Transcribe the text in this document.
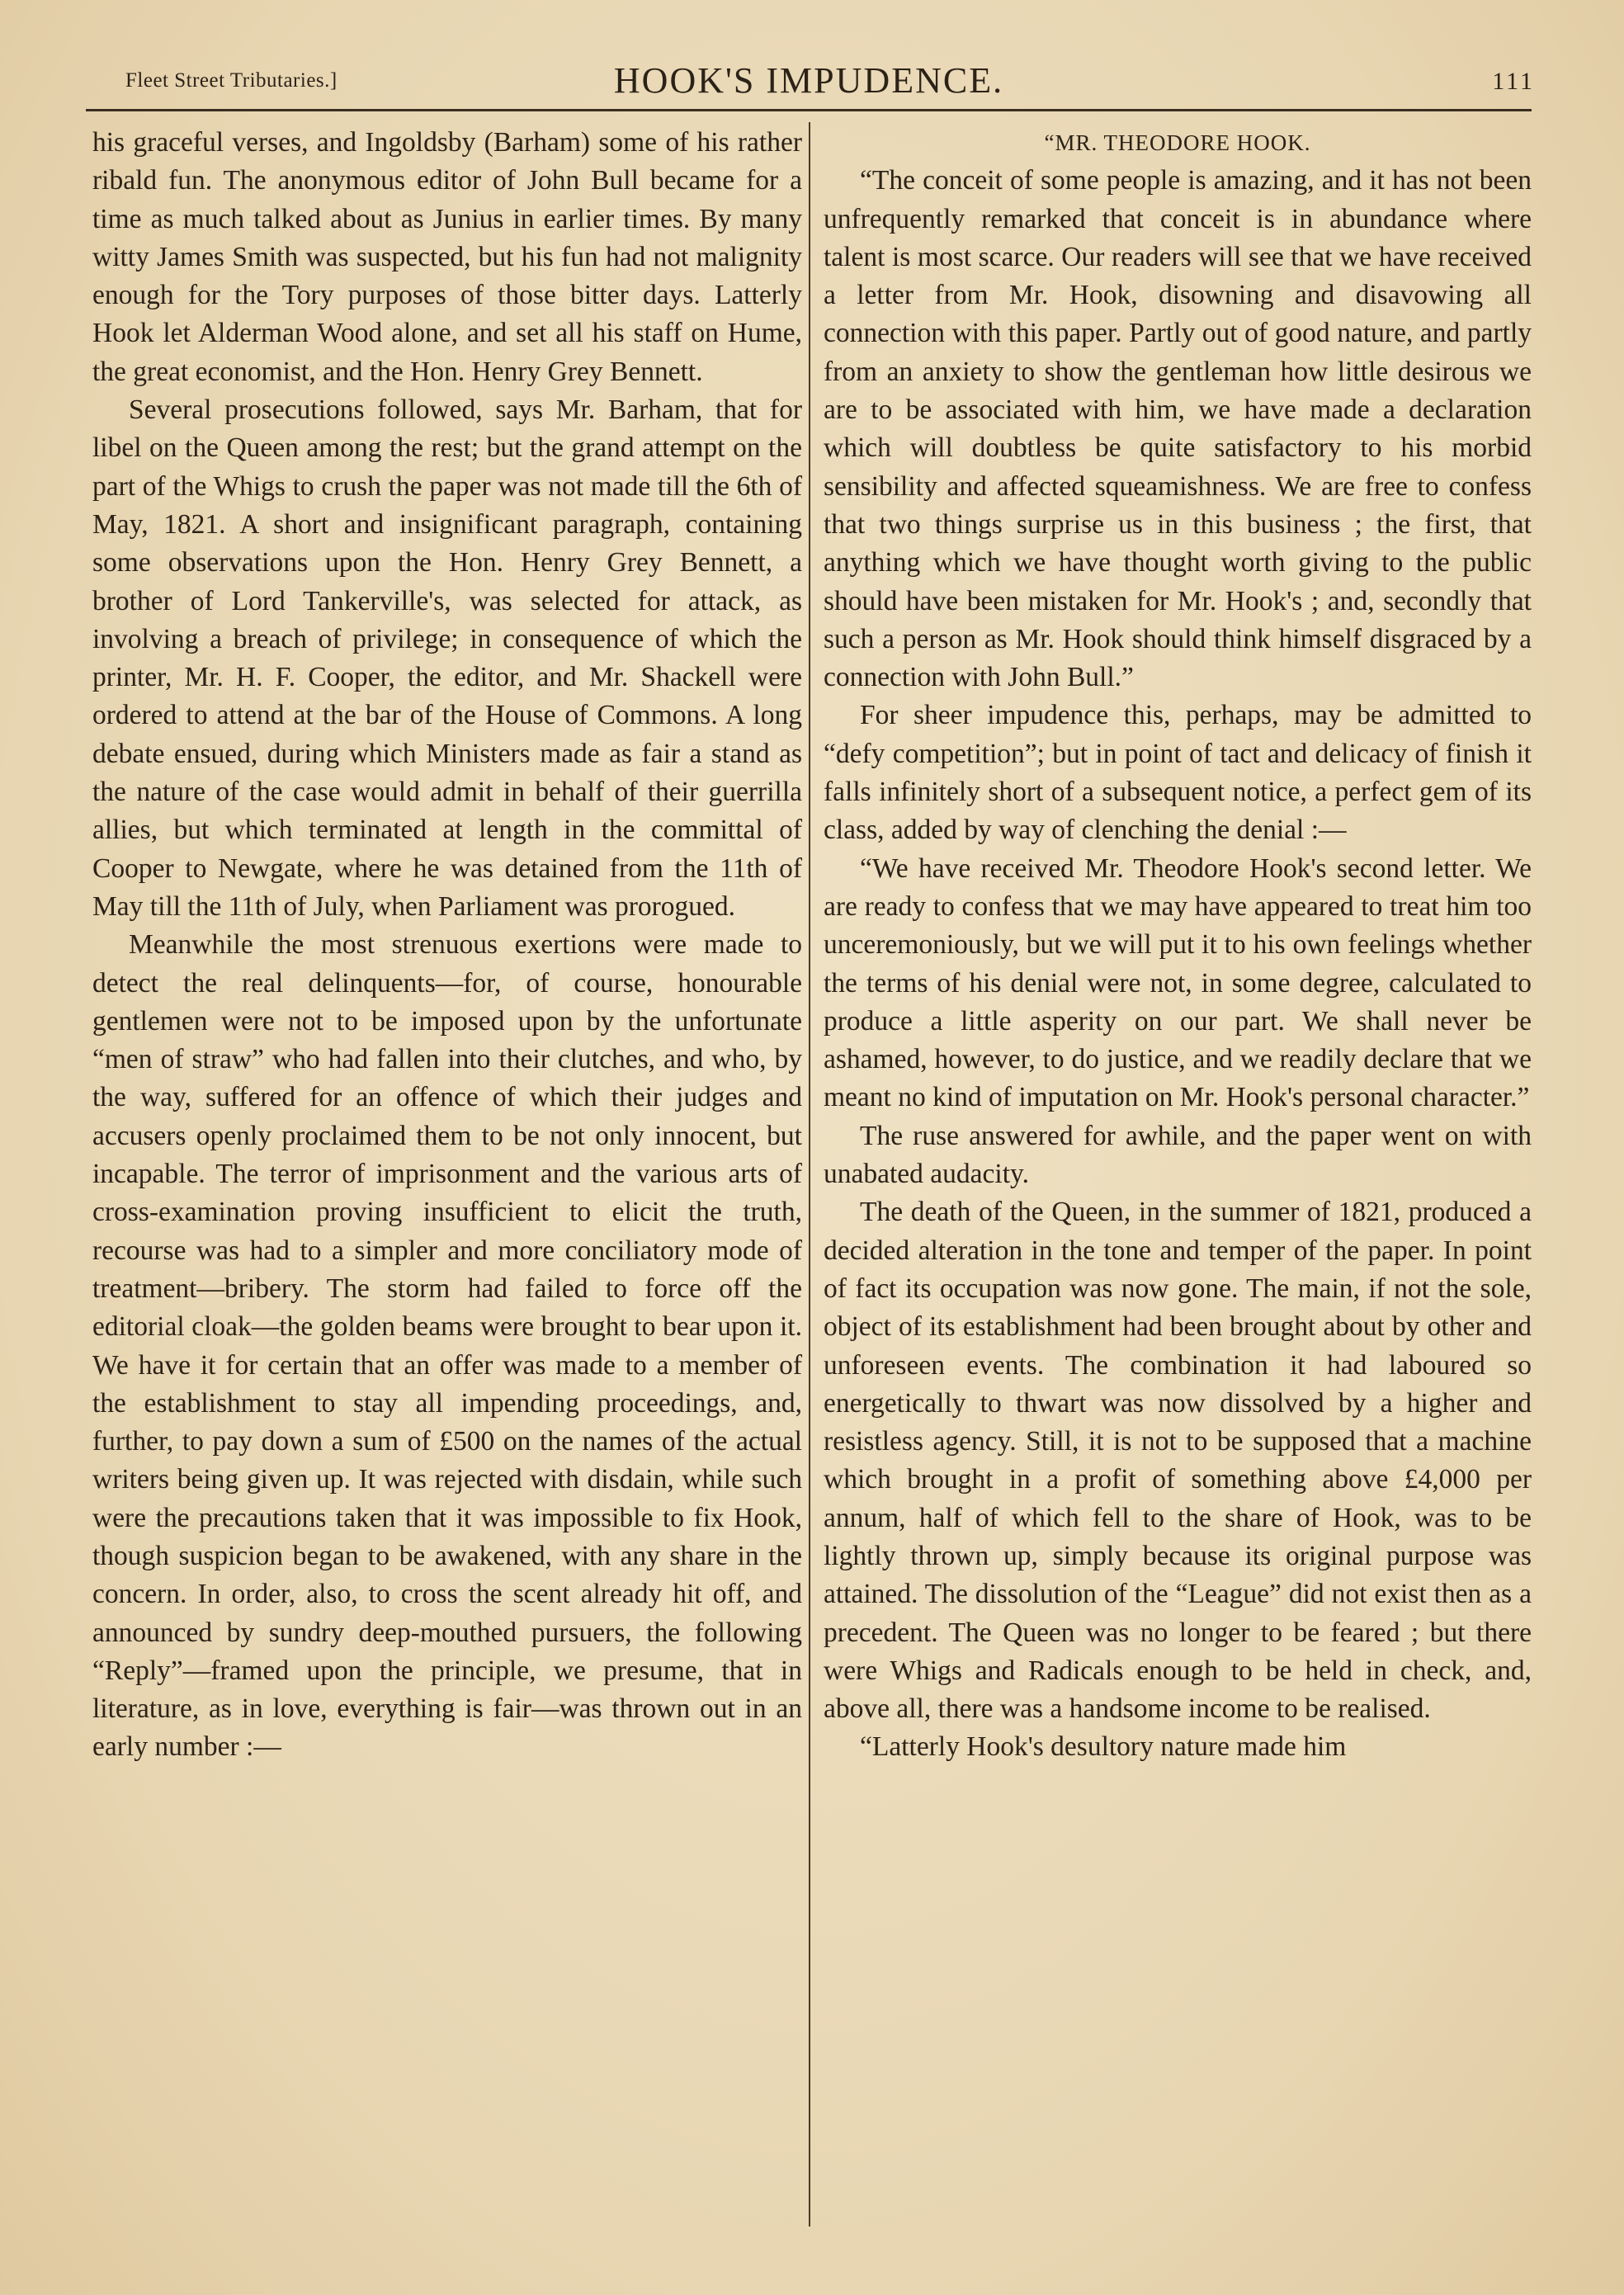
Fleet Street Tributaries.]	HOOK'S IMPUDENCE.	111

his graceful verses, and Ingoldsby (Barham) some of his rather ribald fun. The anonymous editor of John Bull became for a time as much talked about as Junius in earlier times. By many witty James Smith was suspected, but his fun had not malignity enough for the Tory purposes of those bitter days. Latterly Hook let Alderman Wood alone, and set all his staff on Hume, the great economist, and the Hon. Henry Grey Bennett.

Several prosecutions followed, says Mr. Barham, that for libel on the Queen among the rest; but the grand attempt on the part of the Whigs to crush the paper was not made till the 6th of May, 1821. A short and insignificant paragraph, containing some observations upon the Hon. Henry Grey Bennett, a brother of Lord Tankerville's, was selected for attack, as involving a breach of privilege; in consequence of which the printer, Mr. H. F. Cooper, the editor, and Mr. Shackell were ordered to attend at the bar of the House of Commons. A long debate ensued, during which Ministers made as fair a stand as the nature of the case would admit in behalf of their guerrilla allies, but which terminated at length in the committal of Cooper to Newgate, where he was detained from the 11th of May till the 11th of July, when Parliament was prorogued.

Meanwhile the most strenuous exertions were made to detect the real delinquents—for, of course, honourable gentlemen were not to be imposed upon by the unfortunate “men of straw” who had fallen into their clutches, and who, by the way, suffered for an offence of which their judges and accusers openly proclaimed them to be not only innocent, but incapable. The terror of imprisonment and the various arts of cross-examination proving insufficient to elicit the truth, recourse was had to a simpler and more conciliatory mode of treatment—bribery. The storm had failed to force off the editorial cloak—the golden beams were brought to bear upon it. We have it for certain that an offer was made to a member of the establishment to stay all impending proceedings, and, further, to pay down a sum of £500 on the names of the actual writers being given up. It was rejected with disdain, while such were the precautions taken that it was impossible to fix Hook, though suspicion began to be awakened, with any share in the concern. In order, also, to cross the scent already hit off, and announced by sundry deep-mouthed pursuers, the following “Reply”—framed upon the principle, we presume, that in literature, as in love, everything is fair—was thrown out in an early number :—

“MR. THEODORE HOOK.

“The conceit of some people is amazing, and it has not been unfrequently remarked that conceit is in abundance where talent is most scarce. Our readers will see that we have received a letter from Mr. Hook, disowning and disavowing all connection with this paper. Partly out of good nature, and partly from an anxiety to show the gentleman how little desirous we are to be associated with him, we have made a declaration which will doubtless be quite satisfactory to his morbid sensibility and affected squeamishness. We are free to confess that two things surprise us in this business ; the first, that anything which we have thought worth giving to the public should have been mistaken for Mr. Hook's ; and, secondly that such a person as Mr. Hook should think himself disgraced by a connection with John Bull.”

For sheer impudence this, perhaps, may be admitted to “defy competition”; but in point of tact and delicacy of finish it falls infinitely short of a subsequent notice, a perfect gem of its class, added by way of clenching the denial :—

“We have received Mr. Theodore Hook's second letter. We are ready to confess that we may have appeared to treat him too unceremoniously, but we will put it to his own feelings whether the terms of his denial were not, in some degree, calculated to produce a little asperity on our part. We shall never be ashamed, however, to do justice, and we readily declare that we meant no kind of imputation on Mr. Hook's personal character.”

The ruse answered for awhile, and the paper went on with unabated audacity.

The death of the Queen, in the summer of 1821, produced a decided alteration in the tone and temper of the paper. In point of fact its occupation was now gone. The main, if not the sole, object of its establishment had been brought about by other and unforeseen events. The combination it had laboured so energetically to thwart was now dissolved by a higher and resistless agency. Still, it is not to be supposed that a machine which brought in a profit of something above £4,000 per annum, half of which fell to the share of Hook, was to be lightly thrown up, simply because its original purpose was attained. The dissolution of the “League” did not exist then as a precedent. The Queen was no longer to be feared ; but there were Whigs and Radicals enough to be held in check, and, above all, there was a handsome income to be realised.

“Latterly Hook's desultory nature made him
